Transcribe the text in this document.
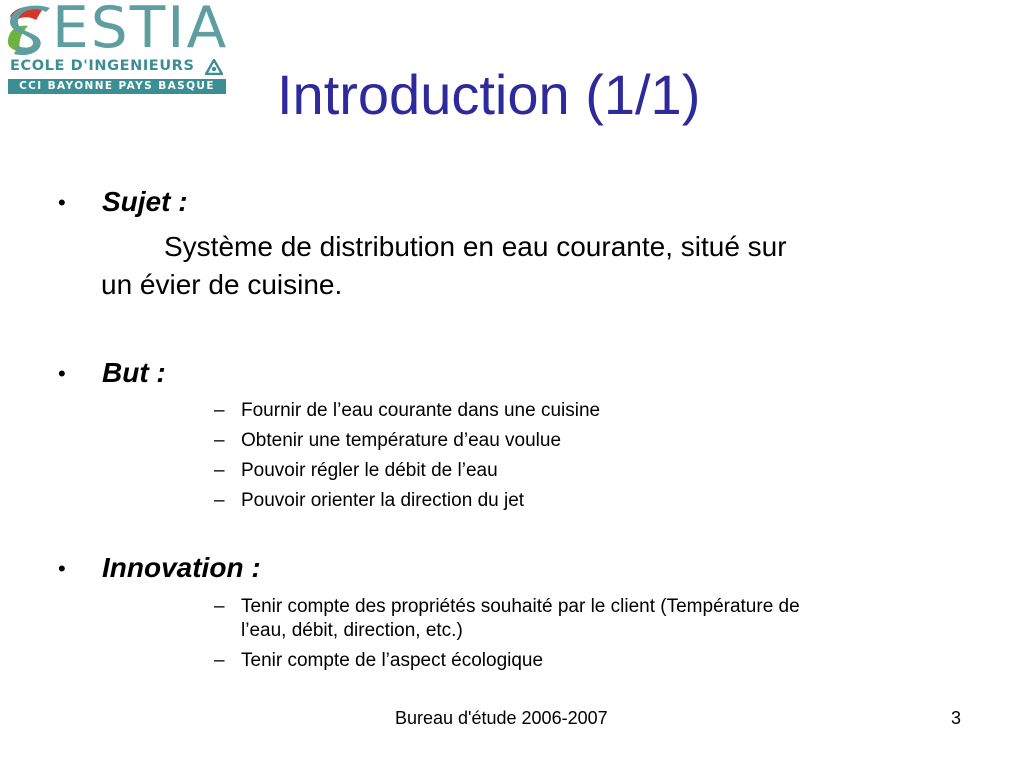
ESTIA
ECOLE D'INGENIEURS
CCI BAYONNE PAYS BASQUE Introduction (1/1)
• Sujet :
Système de distribution en eau courante, situé sur
un évier de cuisine.
• But :
– Fournir de l’eau courante dans une cuisine
– Obtenir une température d’eau voulue
– Pouvoir régler le débit de l’eau
– Pouvoir orienter la direction du jet
• Innovation :
– Tenir compte des propriétés souhaité par le client (Température de
l’eau, débit, direction, etc.)
– Tenir compte de l’aspect écologique
Bureau d'étude 2006-2007	3
